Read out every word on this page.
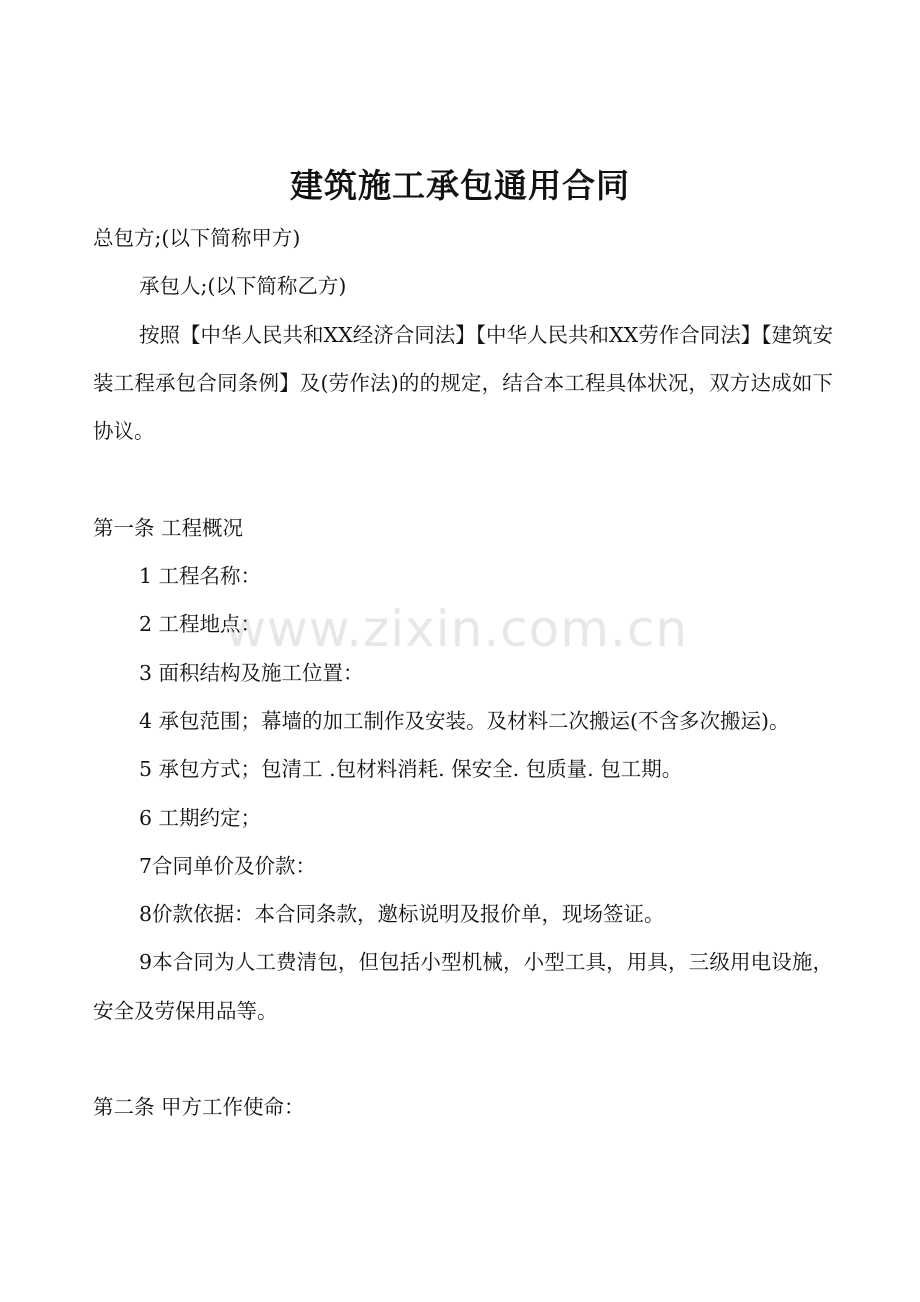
建筑施工承包通用合同

总包方;(以下简称甲方)

承包人;(以下简称乙方)

按照【中华人民共和XX经济合同法】【中华人民共和XX劳作合同法】【建筑安装工程承包合同条例】及(劳作法)的的规定，结合本工程具体状况，双方达成如下协议。

第一条 工程概况

1 工程名称：

2 工程地点：

3 面积结构及施工位置：

4 承包范围；幕墙的加工制作及安装。及材料二次搬运(不含多次搬运)。

5 承包方式；包清工 .包材料消耗. 保安全. 包质量. 包工期。

6 工期约定；

7合同单价及价款：

8价款依据：本合同条款，邀标说明及报价单，现场签证。

9本合同为人工费清包，但包括小型机械，小型工具，用具，三级用电设施，安全及劳保用品等。

第二条 甲方工作使命：

www.zixin.com.cn
